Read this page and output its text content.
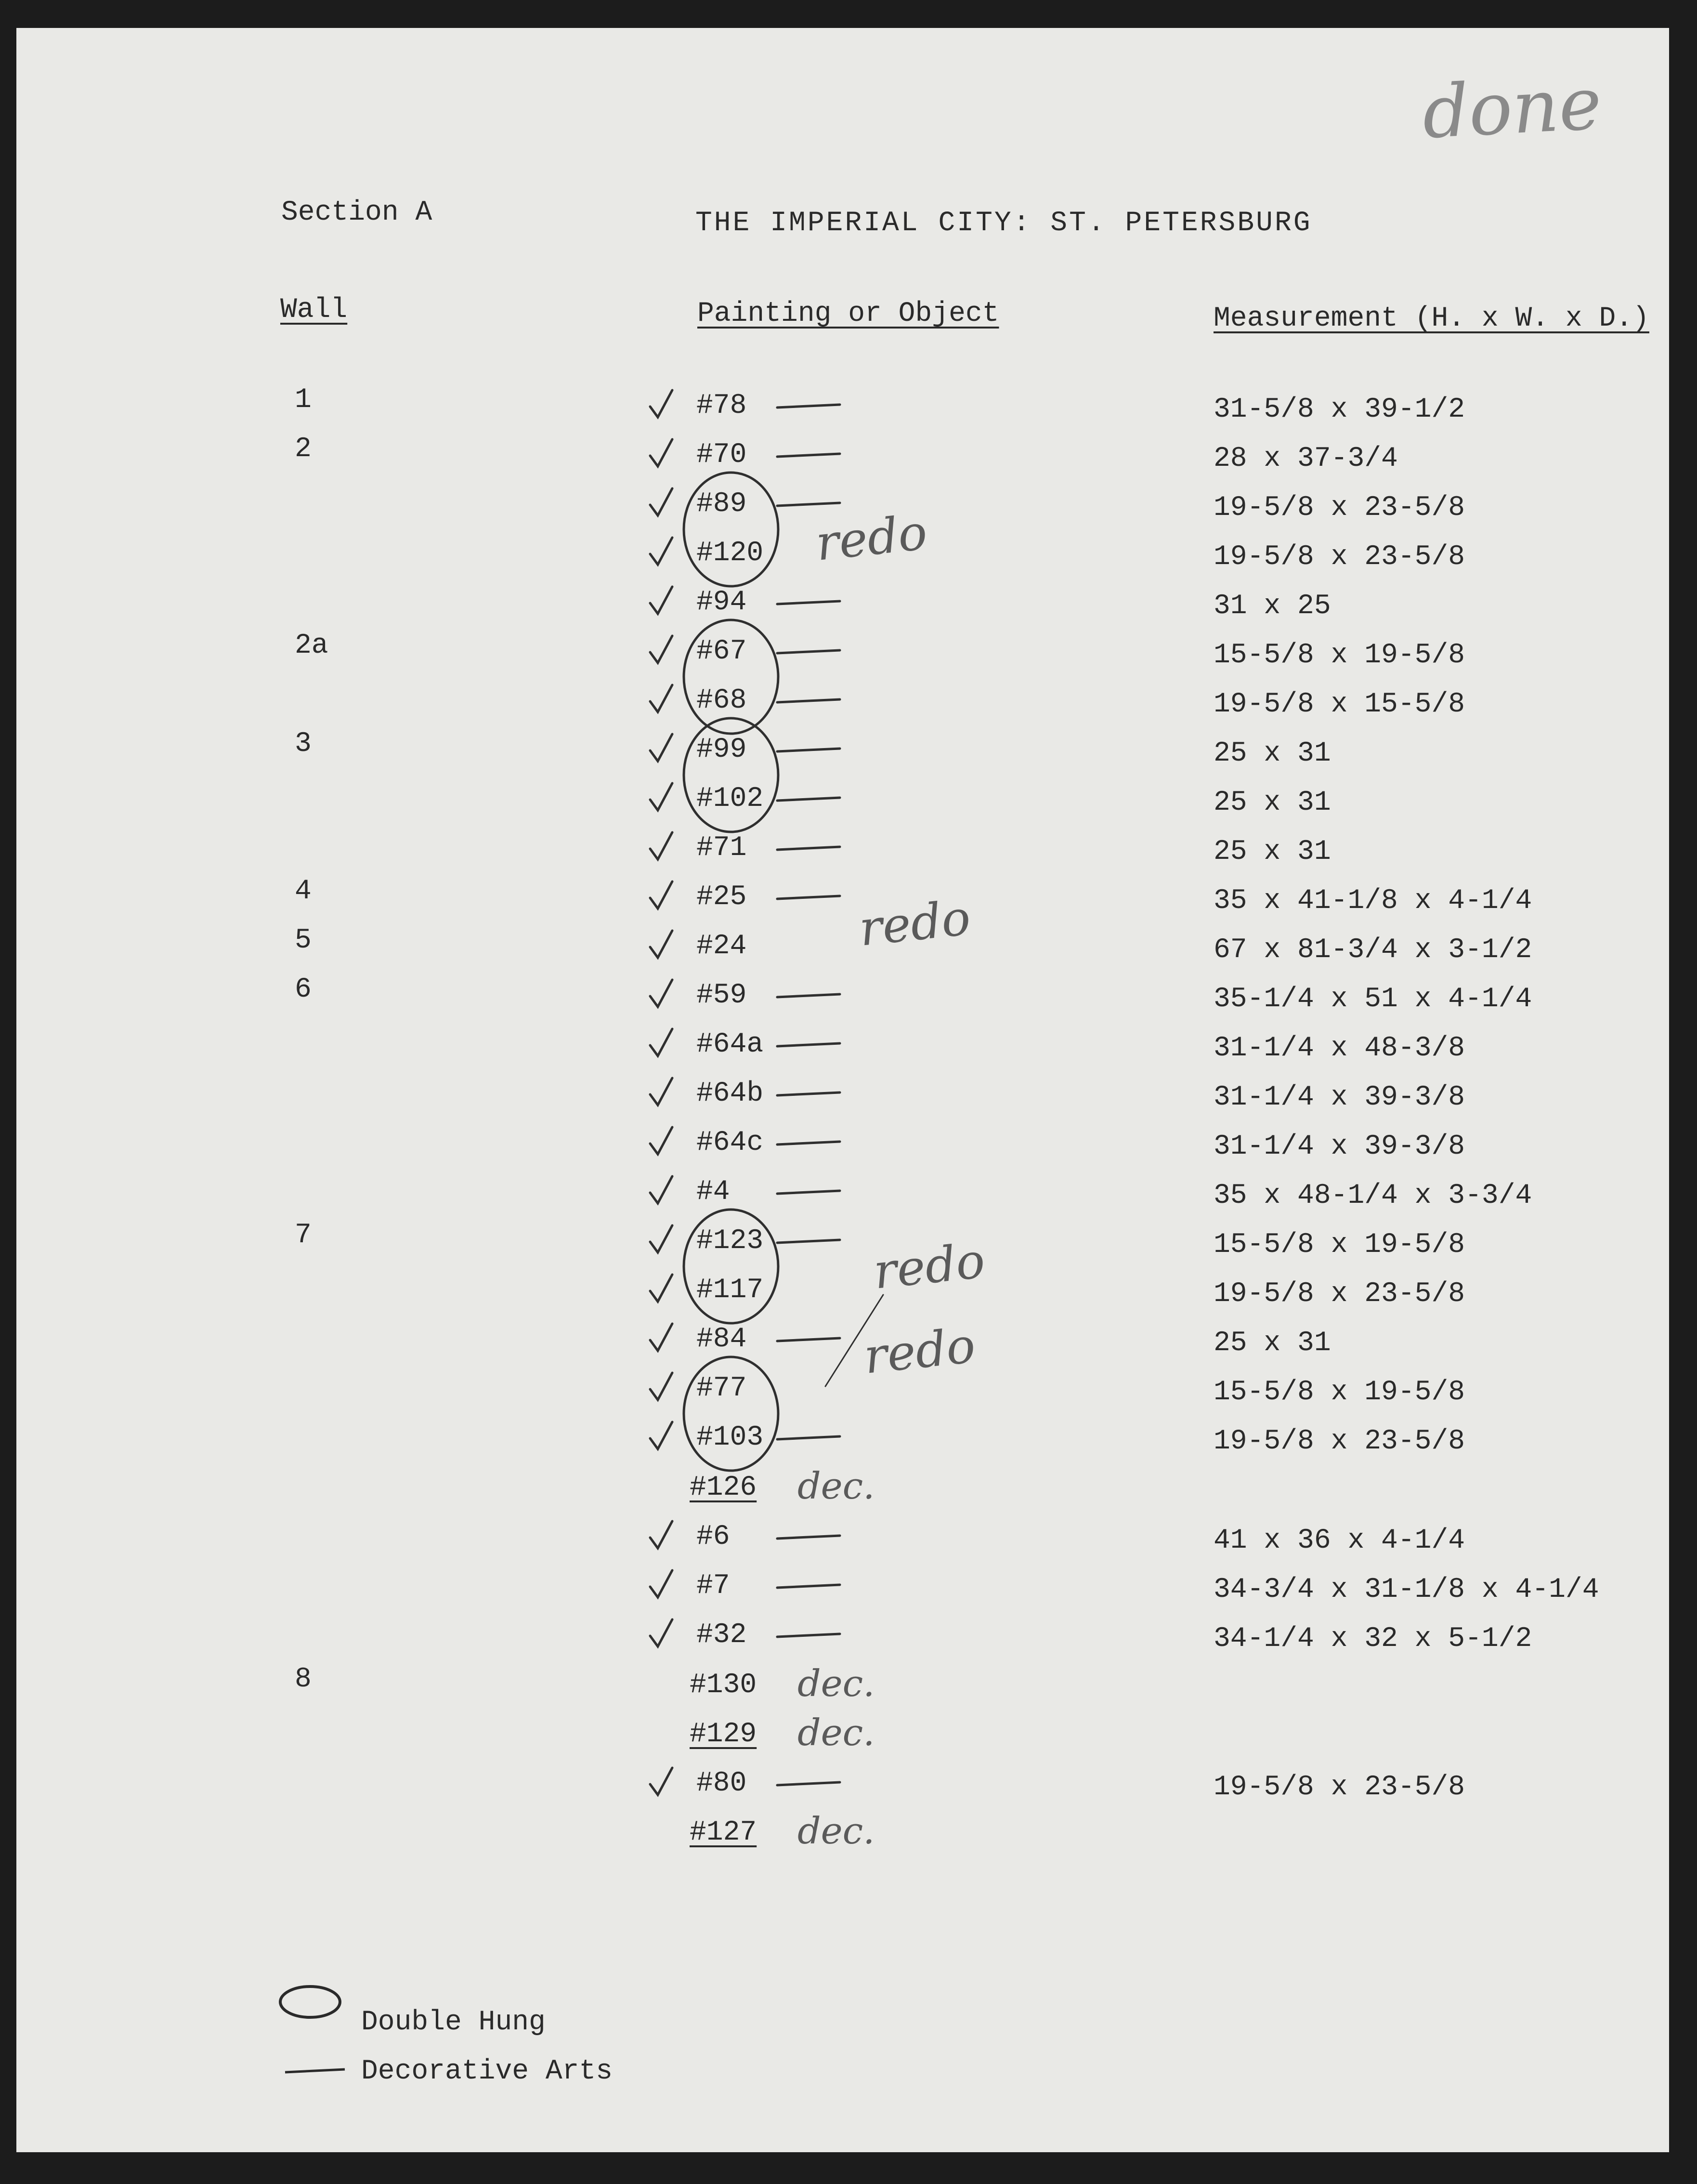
Section A	THE IMPERIAL CITY: ST. PETERSBURG
Wall	Painting or Object	Measurement (H. x W. x D.)
1	#78	31-5/8 x 39-1/2
2	#70	28 x 37-3/4
#89	19-5/8 x 23-5/8
#120	19-5/8 x 23-5/8
#94	31 x 25
2a	#67	15-5/8 x 19-5/8
#68	19-5/8 x 15-5/8
3	#99	25 x 31
#102	25 x 31
#71	25 x 31
4	#25	35 x 41-1/8 x 4-1/4
5	#24	67 x 81-3/4 x 3-1/2
6	#59	35-1/4 x 51 x 4-1/4
#64a	31-1/4 x 48-3/8
#64b	31-1/4 x 39-3/8
#64c	31-1/4 x 39-3/8
#4	35 x 48-1/4 x 3-3/4
7	#123	15-5/8 x 19-5/8
#117	19-5/8 x 23-5/8
#84	25 x 31
#77	15-5/8 x 19-5/8
#103	19-5/8 x 23-5/8
#126 dec.
#6	41 x 36 x 4-1/4
#7	34-3/4 x 31-1/8 x 4-1/4
#32	34-1/4 x 32 x 5-1/2
8	#130 dec.
#129 dec.
#80	19-5/8 x 23-5/8
#127 dec.
done
redo
redo
redo
redo
Double Hung
Decorative Arts
